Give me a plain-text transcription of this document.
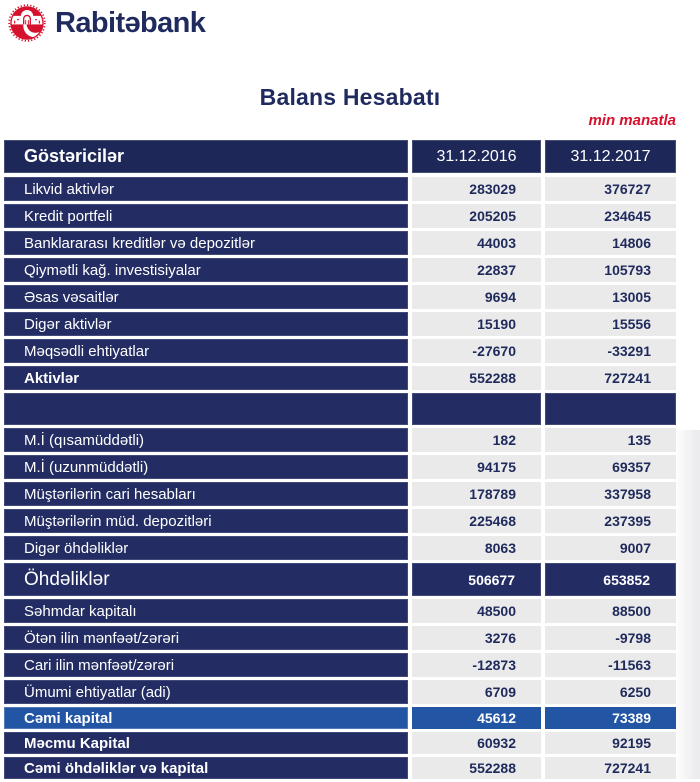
Rabitəbank
Balans Hesabatı
min manatla
Göstəricilər	31.12.2016	31.12.2017
Likvid aktivlər	283029	376727
Kredit portfeli	205205	234645
Banklararası kreditlər və depozitlər	44003	14806
Qiymətli kağ. investisiyalar	22837	105793
Əsas vəsaitlər	9694	13005
Digər aktivlər	15190	15556
Məqsədli ehtiyatlar	-27670	-33291
Aktivlər	552288	727241
M.İ (qısamüddətli)	182	135
M.İ (uzunmüddətli)	94175	69357
Müştərilərin cari hesabları	178789	337958
Müştərilərin müd. depozitləri	225468	237395
Digər öhdəliklər	8063	9007
Öhdəliklər	506677	653852
Səhmdar kapitalı	48500	88500
Ötən ilin mənfəət/zərəri	3276	-9798
Cari ilin mənfəət/zərəri	-12873	-11563
Ümumi ehtiyatlar (adi)	6709	6250
Cəmi kapital	45612	73389
Məcmu Kapital	60932	92195
Cəmi öhdəliklər və kapital	552288	727241
